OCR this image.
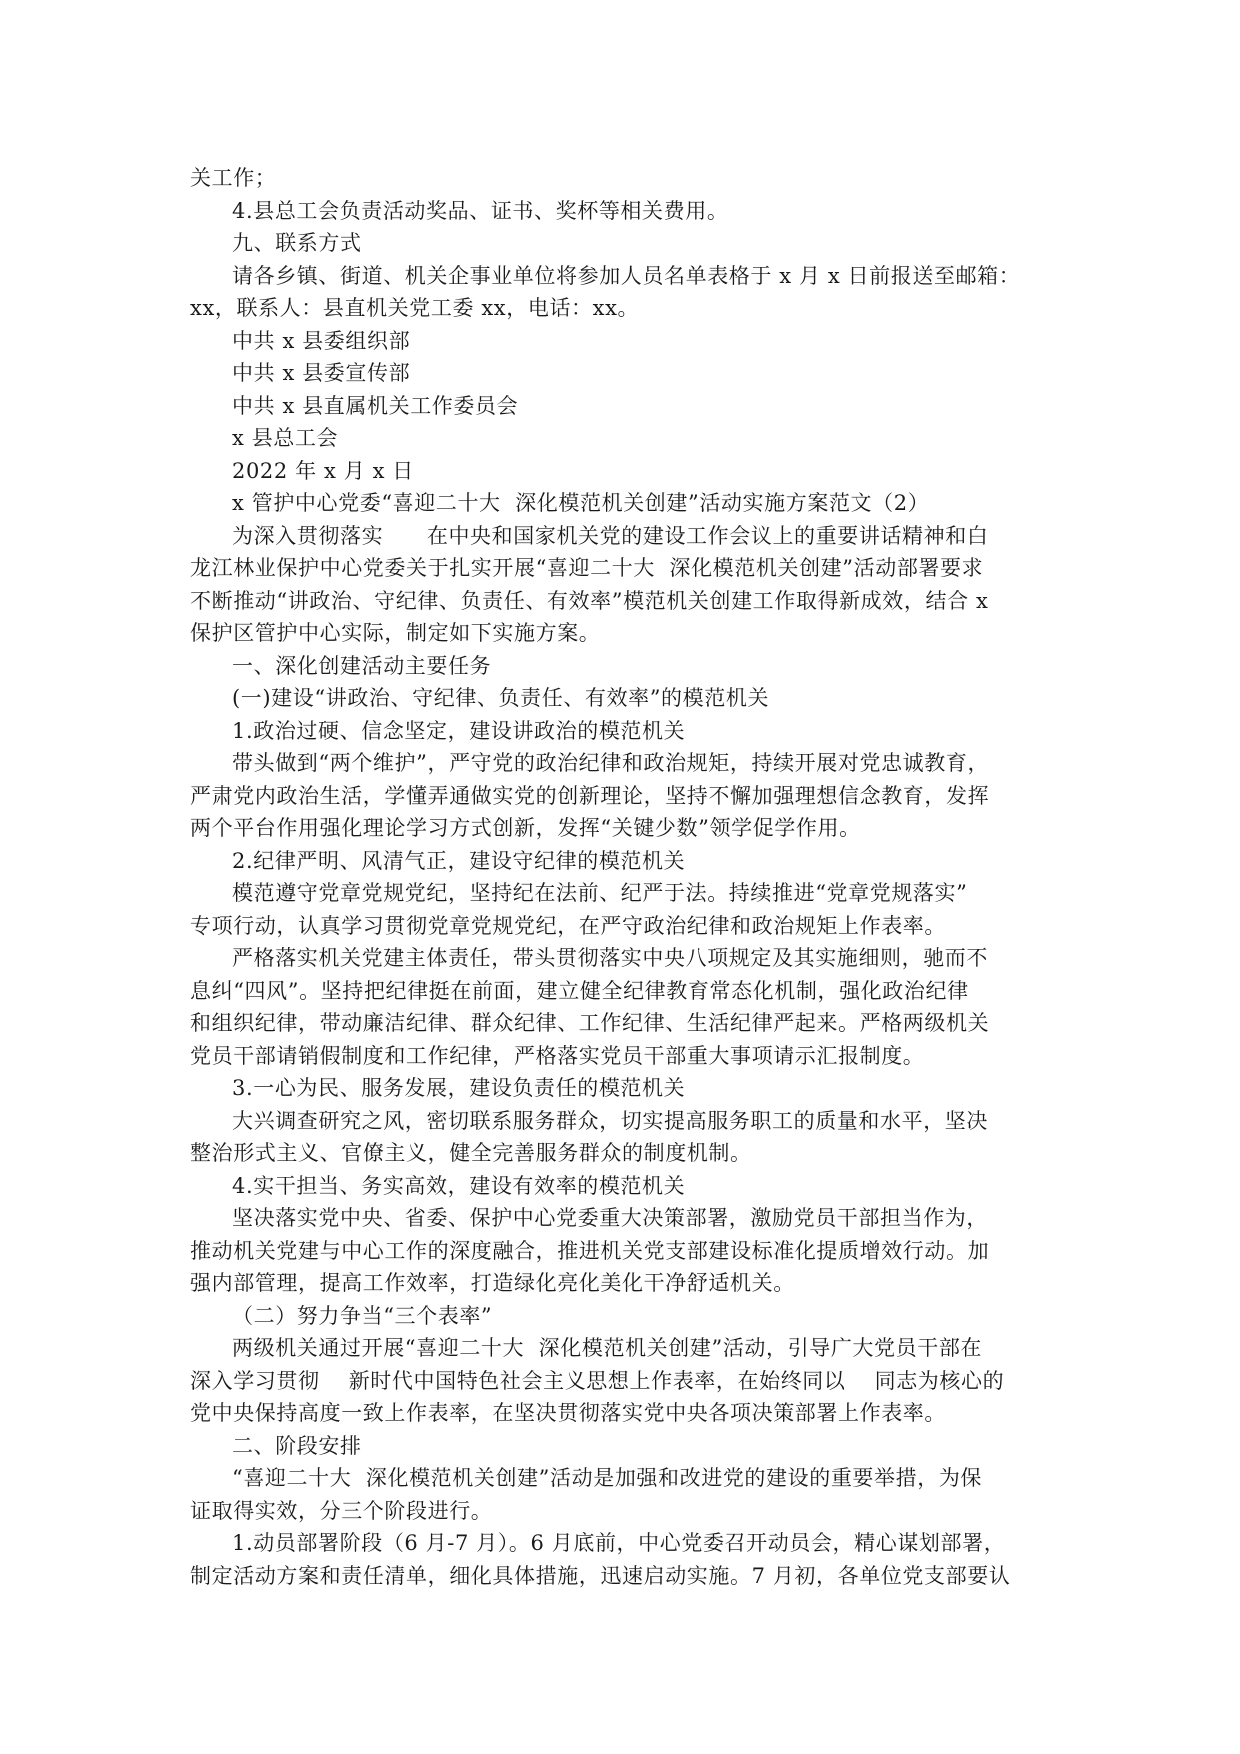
关工作；
4.县总工会负责活动奖品、证书、奖杯等相关费用。
九、联系方式
请各乡镇、街道、机关企事业单位将参加人员名单表格于 x 月 x 日前报送至邮箱：
xx，联系人：县直机关党工委 xx，电话：xx。
中共 x 县委组织部
中共 x 县委宣传部
中共 x 县直属机关工作委员会
x 县总工会
2022 年 x 月 x 日
x 管护中心党委“喜迎二十大  深化模范机关创建”活动实施方案范文（2）
为深入贯彻落实      在中央和国家机关党的建设工作会议上的重要讲话精神和白
龙江林业保护中心党委关于扎实开展“喜迎二十大  深化模范机关创建”活动部署要求
不断推动“讲政治、守纪律、负责任、有效率”模范机关创建工作取得新成效，结合 x
保护区管护中心实际，制定如下实施方案。
一、深化创建活动主要任务
(一)建设“讲政治、守纪律、负责任、有效率”的模范机关
1.政治过硬、信念坚定，建设讲政治的模范机关
带头做到“两个维护”，严守党的政治纪律和政治规矩，持续开展对党忠诚教育，
严肃党内政治生活，学懂弄通做实党的创新理论，坚持不懈加强理想信念教育，发挥
两个平台作用强化理论学习方式创新，发挥“关键少数”领学促学作用。
2.纪律严明、风清气正，建设守纪律的模范机关
模范遵守党章党规党纪，坚持纪在法前、纪严于法。持续推进“党章党规落实”
专项行动，认真学习贯彻党章党规党纪，在严守政治纪律和政治规矩上作表率。
严格落实机关党建主体责任，带头贯彻落实中央八项规定及其实施细则，驰而不
息纠“四风”。坚持把纪律挺在前面，建立健全纪律教育常态化机制，强化政治纪律
和组织纪律，带动廉洁纪律、群众纪律、工作纪律、生活纪律严起来。严格两级机关
党员干部请销假制度和工作纪律，严格落实党员干部重大事项请示汇报制度。
3.一心为民、服务发展，建设负责任的模范机关
大兴调查研究之风，密切联系服务群众，切实提高服务职工的质量和水平，坚决
整治形式主义、官僚主义，健全完善服务群众的制度机制。
4.实干担当、务实高效，建设有效率的模范机关
坚决落实党中央、省委、保护中心党委重大决策部署，激励党员干部担当作为，
推动机关党建与中心工作的深度融合，推进机关党支部建设标准化提质增效行动。加
强内部管理，提高工作效率，打造绿化亮化美化干净舒适机关。
（二）努力争当“三个表率”
两级机关通过开展“喜迎二十大  深化模范机关创建”活动，引导广大党员干部在
深入学习贯彻    新时代中国特色社会主义思想上作表率，在始终同以    同志为核心的
党中央保持高度一致上作表率，在坚决贯彻落实党中央各项决策部署上作表率。
二、阶段安排
“喜迎二十大  深化模范机关创建”活动是加强和改进党的建设的重要举措，为保
证取得实效，分三个阶段进行。
1.动员部署阶段（6 月-7 月）。6 月底前，中心党委召开动员会，精心谋划部署，
制定活动方案和责任清单，细化具体措施，迅速启动实施。7 月初，各单位党支部要认
